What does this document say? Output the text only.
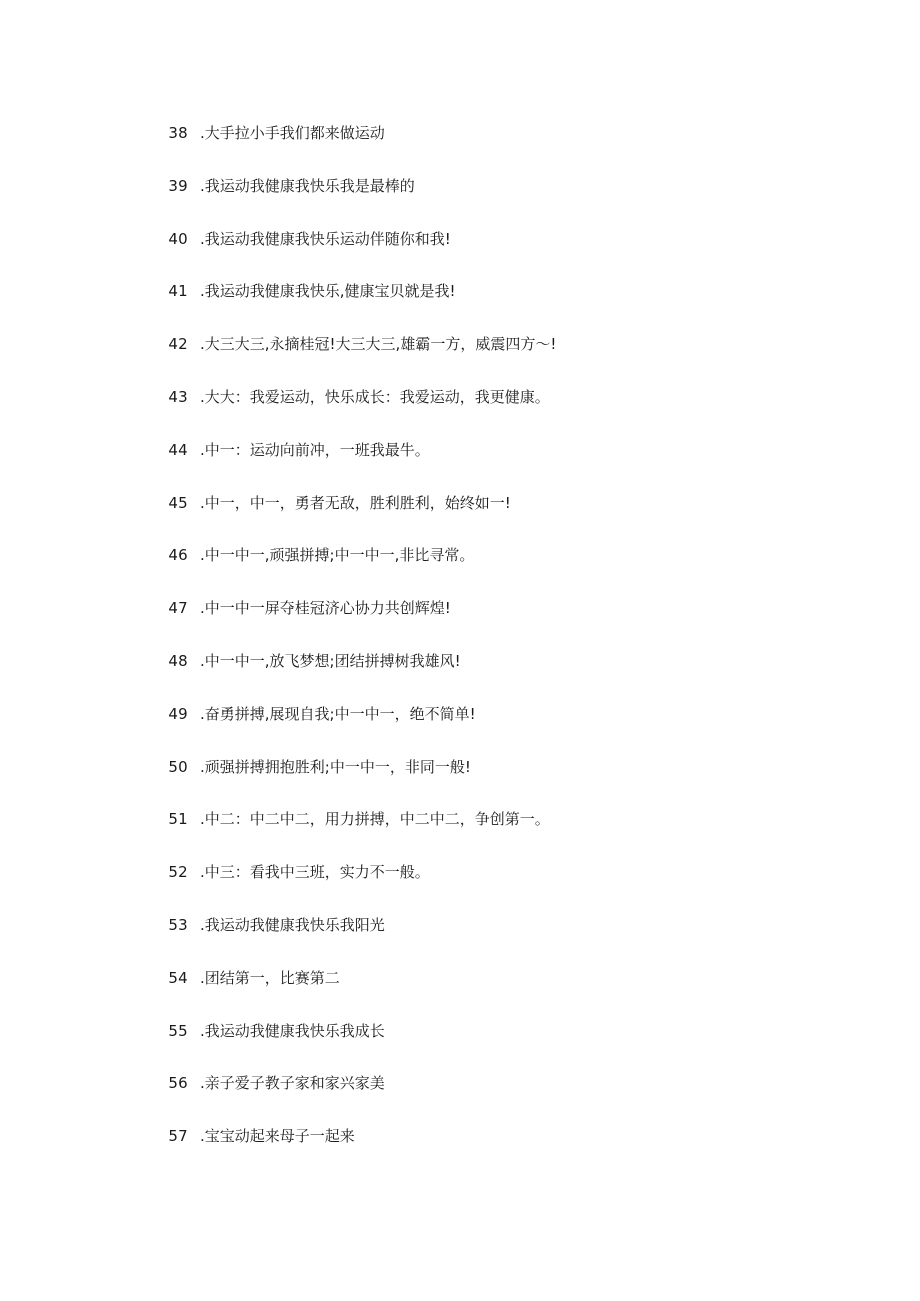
38 .大手拉小手我们都来做运动
39 .我运动我健康我快乐我是最棒的
40 .我运动我健康我快乐运动伴随你和我!
41 .我运动我健康我快乐,健康宝贝就是我!
42 .大三大三,永摘桂冠!大三大三,雄霸一方，威震四方〜!
43 .大大：我爱运动，快乐成长：我爱运动，我更健康。
44 .中一：运动向前冲，一班我最牛。
45 .中一，中一，勇者无敌，胜利胜利，始终如一!
46 .中一中一,顽强拼搏;中一中一,非比寻常。
47 .中一中一屏夺桂冠济心协力共创辉煌!
48 .中一中一,放飞梦想;团结拼搏树我雄风!
49 .奋勇拼搏,展现自我;中一中一，绝不简单!
50 .顽强拼搏拥抱胜利;中一中一，非同一般!
51 .中二：中二中二，用力拼搏，中二中二，争创第一。
52 .中三：看我中三班，实力不一般。
53 .我运动我健康我快乐我阳光
54 .团结第一，比赛第二
55 .我运动我健康我快乐我成长
56 .亲子爱子教子家和家兴家美
57 .宝宝动起来母子一起来
